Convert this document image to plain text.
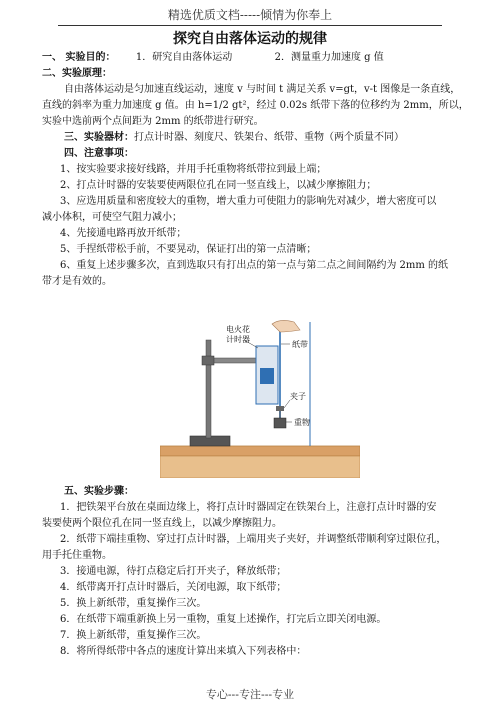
精选优质文档-----倾情为你奉上
探究自由落体运动的规律
一、 实验目的： 1．研究自由落体运动	2．测量重力加速度 g 值
二、实验原理：
自由落体运动是匀加速直线运动，速度 v 与时间 t 满足关系 v=gt，v-t 图像是一条直线，
直线的斜率为重力加速度 g 值。由 h=1/2 gt²，经过 0.02s 纸带下落的位移约为 2mm，所以，
实验中选前两个点间距为 2mm 的纸带进行研究。
三、实验器材：打点计时器、刻度尺、铁架台、纸带、重物（两个质量不同）
四、注意事项：
1、按实验要求接好线路，并用手托重物将纸带拉到最上端；
2、打点计时器的安装要使两限位孔在同一竖直线上，以减少摩擦阻力；
3、应选用质量和密度较大的重物，增大重力可使阻力的影响先对减少，增大密度可以
减小体积，可使空气阻力减小；
4、先接通电路再放开纸带；
5、手捏纸带松手前，不要晃动，保证打出的第一点清晰；
6、重复上述步骤多次，直到选取只有打出点的第一点与第二点之间间隔约为 2mm 的纸
带才是有效的。
电火花
计时器
纸带
夹子
重物
五、实验步骤：
1．把铁架平台放在桌面边缘上，将打点计时器固定在铁架台上，注意打点计时器的安
装要使两个限位孔在同一竖直线上，以减少摩擦阻力。
2．纸带下端挂重物、穿过打点计时器，上端用夹子夹好，并调整纸带顺利穿过限位孔，
用手托住重物。
3．接通电源，待打点稳定后打开夹子，释放纸带；
4．纸带离开打点计时器后，关闭电源，取下纸带；
5．换上新纸带，重复操作三次。
6．在纸带下端重新换上另一重物，重复上述操作，打完后立即关闭电源。
7．换上新纸带，重复操作三次。
8．将所得纸带中各点的速度计算出来填入下列表格中：
专心---专注---专业
